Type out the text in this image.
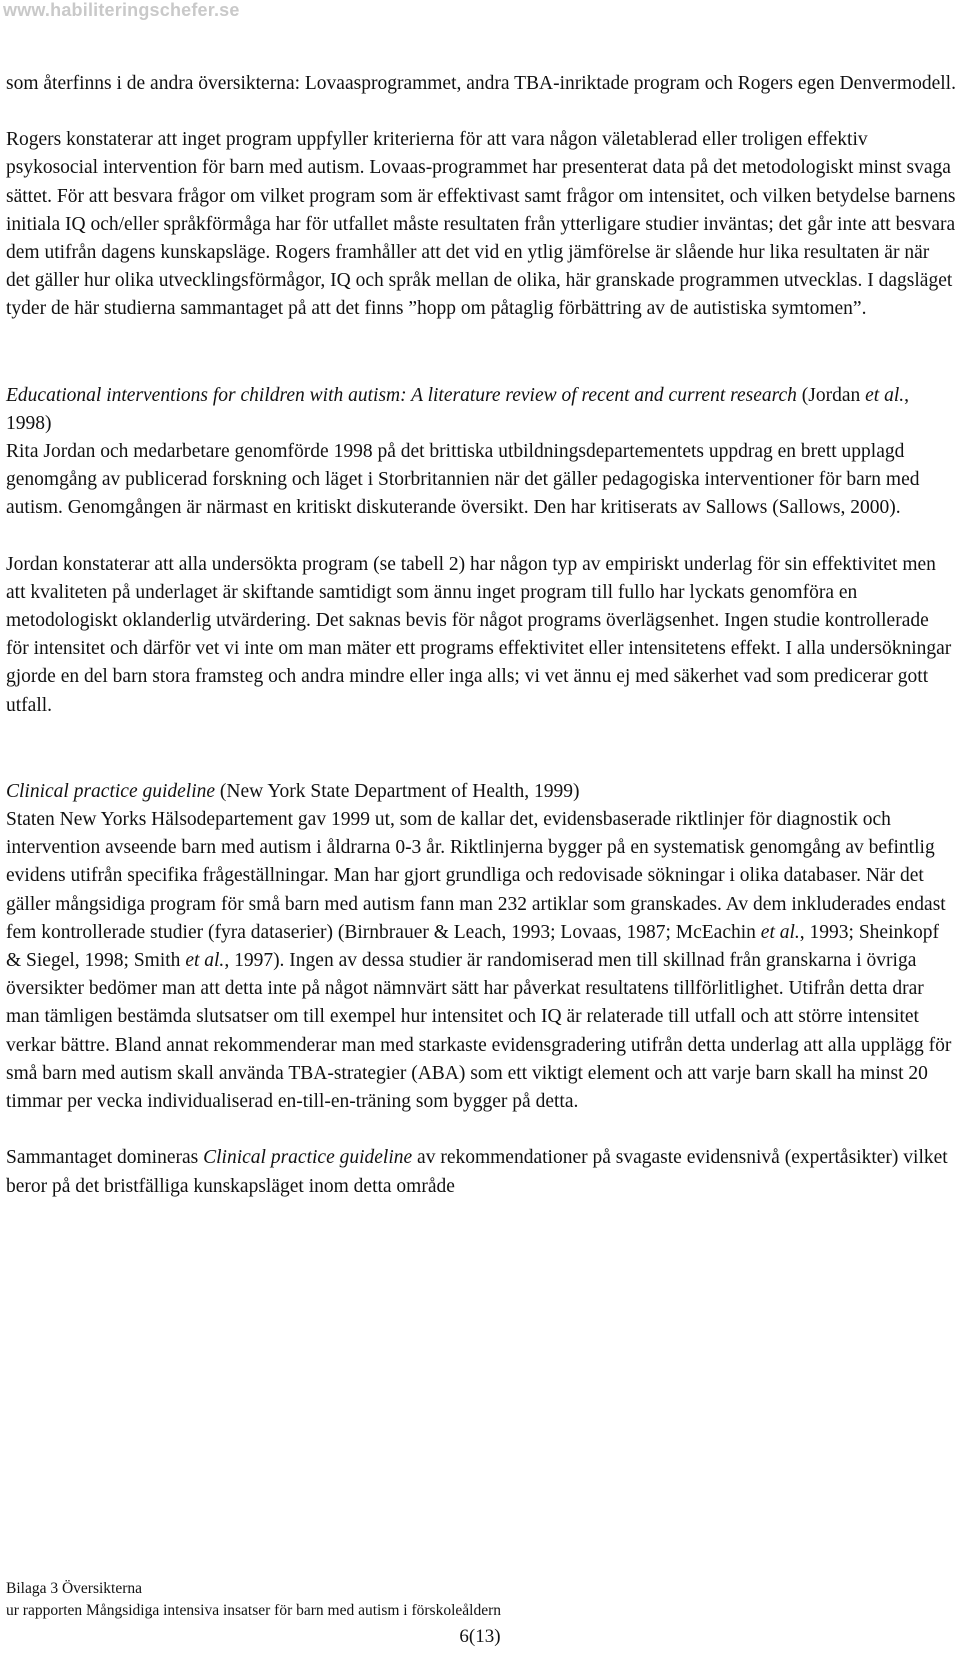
www.habiliteringschefer.se

som återfinns i de andra översikterna: Lovaasprogrammet, andra TBA-inriktade program och Rogers egen Denvermodell.

Rogers konstaterar att inget program uppfyller kriterierna för att vara någon väletablerad eller troligen effektiv psykosocial intervention för barn med autism. Lovaas-programmet har presenterat data på det metodologiskt minst svaga sättet. För att besvara frågor om vilket program som är effektivast samt frågor om intensitet, och vilken betydelse barnens initiala IQ och/eller språkförmåga har för utfallet måste resultaten från ytterligare studier inväntas; det går inte att besvara dem utifrån dagens kunskapsläge. Rogers framhåller att det vid en ytlig jämförelse är slående hur lika resultaten är när det gäller hur olika utvecklingsförmågor, IQ och språk mellan de olika, här granskade programmen utvecklas. I dagsläget tyder de här studierna sammantaget på att det finns ”hopp om påtaglig förbättring av de autistiska symtomen”.

Educational interventions for children with autism: A literature review of recent and current research (Jordan et al., 1998)

Rita Jordan och medarbetare genomförde 1998 på det brittiska utbildningsdepartementets uppdrag en brett upplagd genomgång av publicerad forskning och läget i Storbritannien när det gäller pedagogiska interventioner för barn med autism. Genomgången är närmast en kritiskt diskuterande översikt. Den har kritiserats av Sallows (Sallows, 2000).

Jordan konstaterar att alla undersökta program (se tabell 2) har någon typ av empiriskt underlag för sin effektivitet men att kvaliteten på underlaget är skiftande samtidigt som ännu inget program till fullo har lyckats genomföra en metodologiskt oklanderlig utvärdering. Det saknas bevis för något programs överlägsenhet. Ingen studie kontrollerade för intensitet och därför vet vi inte om man mäter ett programs effektivitet eller intensitetens effekt. I alla undersökningar gjorde en del barn stora framsteg och andra mindre eller inga alls; vi vet ännu ej med säkerhet vad som predicerar gott utfall.

Clinical practice guideline (New York State Department of Health, 1999)

Staten New Yorks Hälsodepartement gav 1999 ut, som de kallar det, evidensbaserade riktlinjer för diagnostik och intervention avseende barn med autism i åldrarna 0-3 år. Riktlinjerna bygger på en systematisk genomgång av befintlig evidens utifrån specifika frågeställningar. Man har gjort grundliga och redovisade sökningar i olika databaser. När det gäller mångsidiga program för små barn med autism fann man 232 artiklar som granskades. Av dem inkluderades endast fem kontrollerade studier (fyra dataserier) (Birnbrauer & Leach, 1993; Lovaas, 1987; McEachin et al., 1993; Sheinkopf & Siegel, 1998; Smith et al., 1997). Ingen av dessa studier är randomiserad men till skillnad från granskarna i övriga översikter bedömer man att detta inte på något nämnvärt sätt har påverkat resultatens tillförlitlighet. Utifrån detta drar man tämligen bestämda slutsatser om till exempel hur intensitet och IQ är relaterade till utfall och att större intensitet verkar bättre. Bland annat rekommenderar man med starkaste evidensgradering utifrån detta underlag att alla upplägg för små barn med autism skall använda TBA-strategier (ABA) som ett viktigt element och att varje barn skall ha minst 20 timmar per vecka individualiserad en-till-en-träning som bygger på detta.

Sammantaget domineras Clinical practice guideline av rekommendationer på svagaste evidensnivå (expertåsikter) vilket beror på det bristfälliga kunskapsläget inom detta område

Bilaga 3 Översikterna
ur rapporten Mångsidiga intensiva insatser för barn med autism i förskoleåldern
6(13)
